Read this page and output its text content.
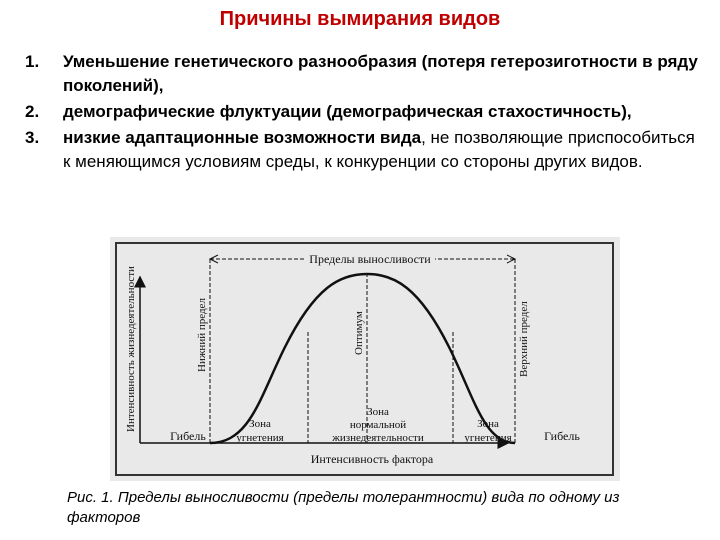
Причины вымирания видов
1. Уменьшение генетического разнообразия (потеря гетерозиготности в ряду поколений),
2. демографические флуктуации (демографическая стахостичность),
3. низкие адаптационные возможности вида, не позволяющие приспособиться к меняющимся условиям среды, к конкуренции со стороны других видов.
Пределы выносливости
Интенсивность жизнедеятельности	Нижний предел	Оптимум	Верхний предел
Гибель	Гибель
Зона
угнетения
Зона
нормальной
жизнедеятельности
Зона
угнетения
Интенсивность фактора
Рис. 1. Пределы выносливости (пределы толерантности) вида по одному из факторов
